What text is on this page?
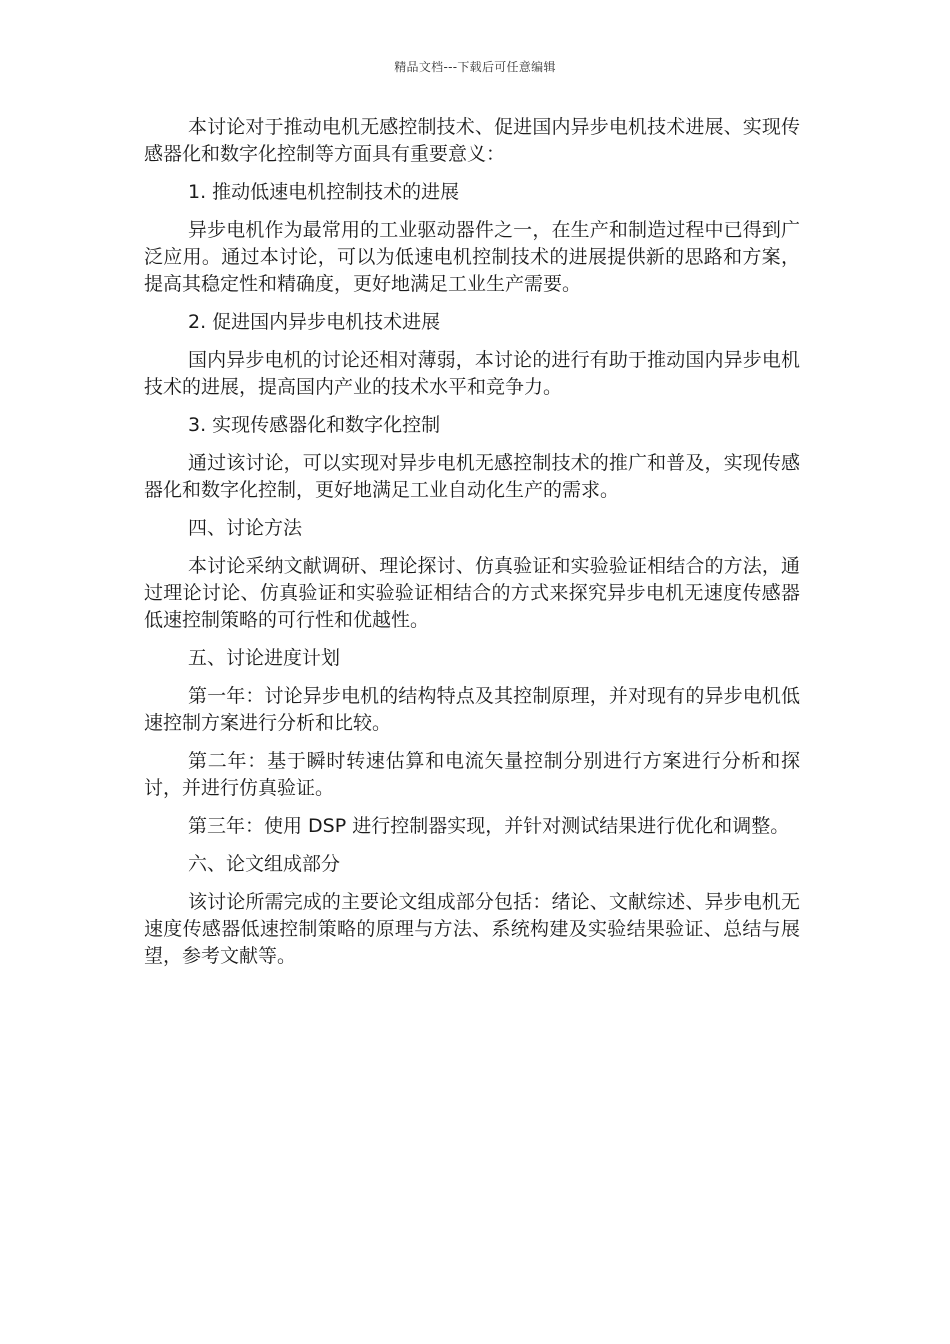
精品文档---下载后可任意编辑

本讨论对于推动电机无感控制技术、促进国内异步电机技术进展、实现传感器化和数字化控制等方面具有重要意义：

1. 推动低速电机控制技术的进展

异步电机作为最常用的工业驱动器件之一，在生产和制造过程中已得到广泛应用。通过本讨论，可以为低速电机控制技术的进展提供新的思路和方案，提高其稳定性和精确度，更好地满足工业生产需要。

2. 促进国内异步电机技术进展

国内异步电机的讨论还相对薄弱，本讨论的进行有助于推动国内异步电机技术的进展，提高国内产业的技术水平和竞争力。

3. 实现传感器化和数字化控制

通过该讨论，可以实现对异步电机无感控制技术的推广和普及，实现传感器化和数字化控制，更好地满足工业自动化生产的需求。

四、讨论方法

本讨论采纳文献调研、理论探讨、仿真验证和实验验证相结合的方法，通过理论讨论、仿真验证和实验验证相结合的方式来探究异步电机无速度传感器低速控制策略的可行性和优越性。

五、讨论进度计划

第一年：讨论异步电机的结构特点及其控制原理，并对现有的异步电机低速控制方案进行分析和比较。

第二年：基于瞬时转速估算和电流矢量控制分别进行方案进行分析和探讨，并进行仿真验证。

第三年：使用 DSP 进行控制器实现，并针对测试结果进行优化和调整。

六、论文组成部分

该讨论所需完成的主要论文组成部分包括：绪论、文献综述、异步电机无速度传感器低速控制策略的原理与方法、系统构建及实验结果验证、总结与展望，参考文献等。
